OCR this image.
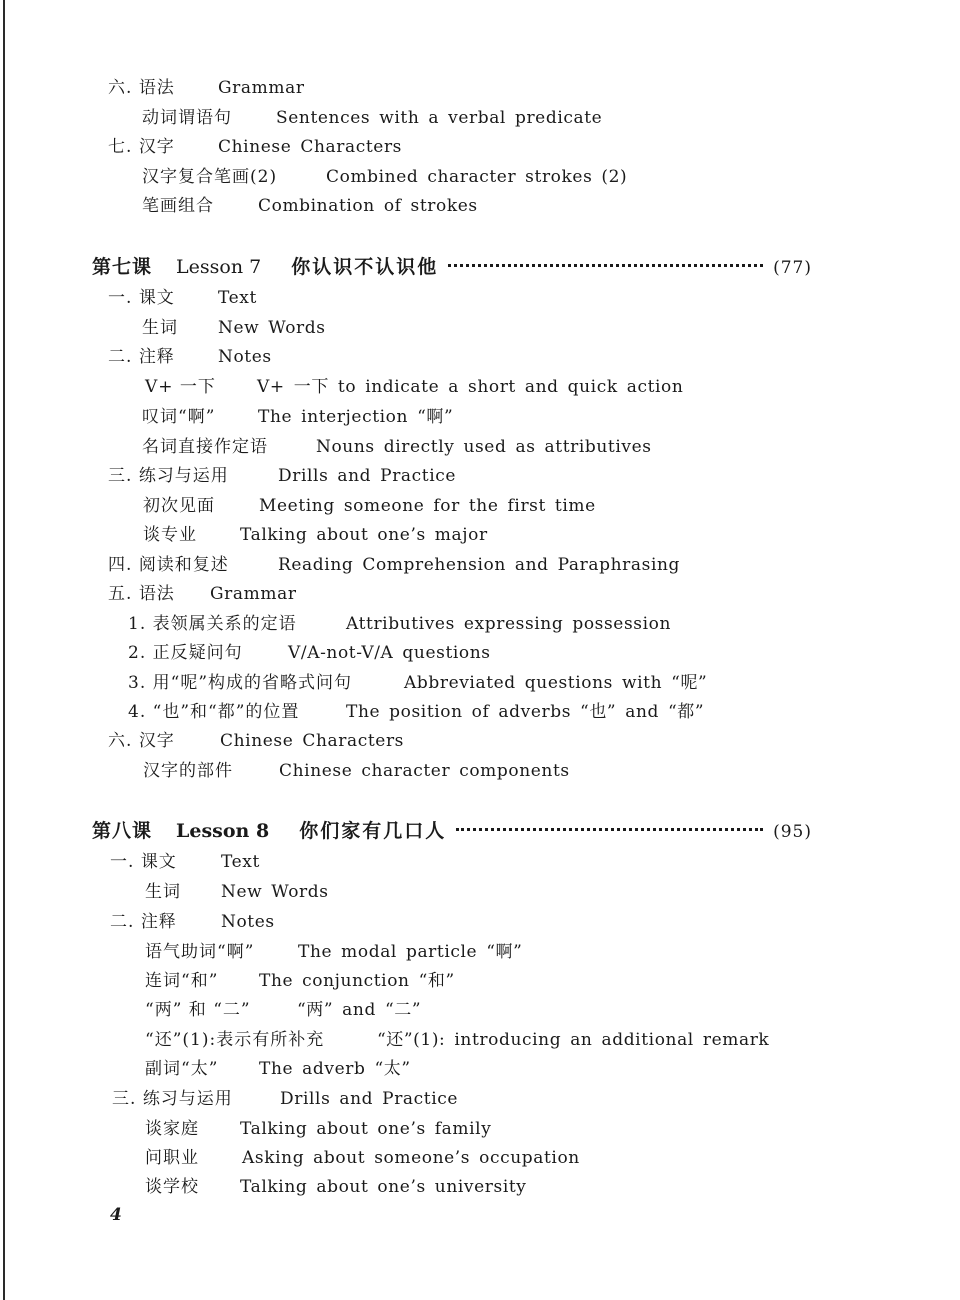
六. 语法	Grammar
动词谓语句	Sentences with a verbal predicate
七. 汉字	Chinese Characters
汉字复合笔画(2)	Combined character strokes (2)
笔画组合	Combination of strokes
第七课 Lesson 7 你认识不认识他	(77)
一. 课文	Text
生词 New Words
二. 注释	Notes
V+ 一下 V+ 一下 to indicate a short and quick action
叹词“啊”	The interjection “啊”
名词直接作定语	Nouns directly used as attributives
三. 练习与运用	Drills and Practice
初次见面	Meeting someone for the first time
谈专业	Talking about one’s major
四. 阅读和复述	Reading Comprehension and Paraphrasing
五. 语法 Grammar
1. 表领属关系的定语	Attributives expressing possession
2. 正反疑问句	V/A-not-V/A questions
3. 用“呢”构成的省略式问句	Abbreviated questions with “呢”
4. “也”和“都”的位置	The position of adverbs “也” and “都”
六. 汉字	Chinese Characters
汉字的部件	Chinese character components
第八课 Lesson 8 你们家有几口人	(95)
一. 课文	Text
生词 New Words
二. 注释	Notes
语气助词“啊”	The modal particle “啊”
连词“和” The conjunction “和”
“两” 和 “二”	“两” and “二”
“还”(1):表示有所补充	“还”(1): introducing an additional remark
副词“太” The adverb “太”
三. 练习与运用	Drills and Practice
谈家庭 Talking about one’s family
问职业	Asking about someone’s occupation
谈学校 Talking about one’s university
4
